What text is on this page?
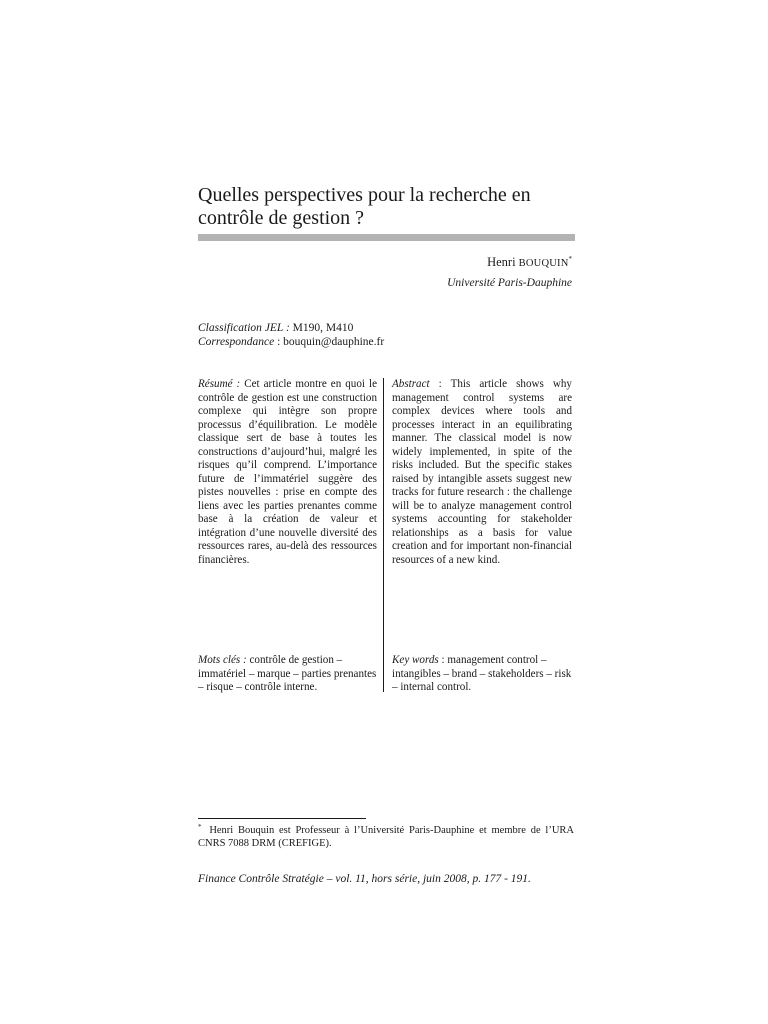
Quelles perspectives pour la recherche en contrôle de gestion ?
Henri BOUQUIN*
Université Paris-Dauphine
Classification JEL : M190, M410
Correspondance : bouquin@dauphine.fr

Résumé : Cet article montre en quoi le contrôle de gestion est une construction complexe qui intègre son propre processus d’équilibration. Le modèle classique sert de base à toutes les constructions d’aujourd’hui, malgré les risques qu’il comprend. L’importance future de l’immatériel suggère des pistes nouvelles : prise en compte des liens avec les parties prenantes comme base à la création de valeur et intégration d’une nouvelle diversité des ressources rares, au-delà des ressources financières.

Abstract : This article shows why management control systems are complex devices where tools and processes interact in an equilibrating manner. The classical model is now widely implemented, in spite of the risks included. But the specific stakes raised by intangible assets suggest new tracks for future research : the challenge will be to analyze management control systems accounting for stakeholder relationships as a basis for value creation and for important non-financial resources of a new kind.

Mots clés : contrôle de gestion – immatériel – marque – parties prenantes – risque – contrôle interne.

Key words : management control – intangibles – brand – stakeholders – risk – internal control.

* Henri Bouquin est Professeur à l’Université Paris-Dauphine et membre de l’URA CNRS 7088 DRM (CREFIGE).

Finance Contrôle Stratégie – vol. 11, hors série, juin 2008, p. 177 - 191.
